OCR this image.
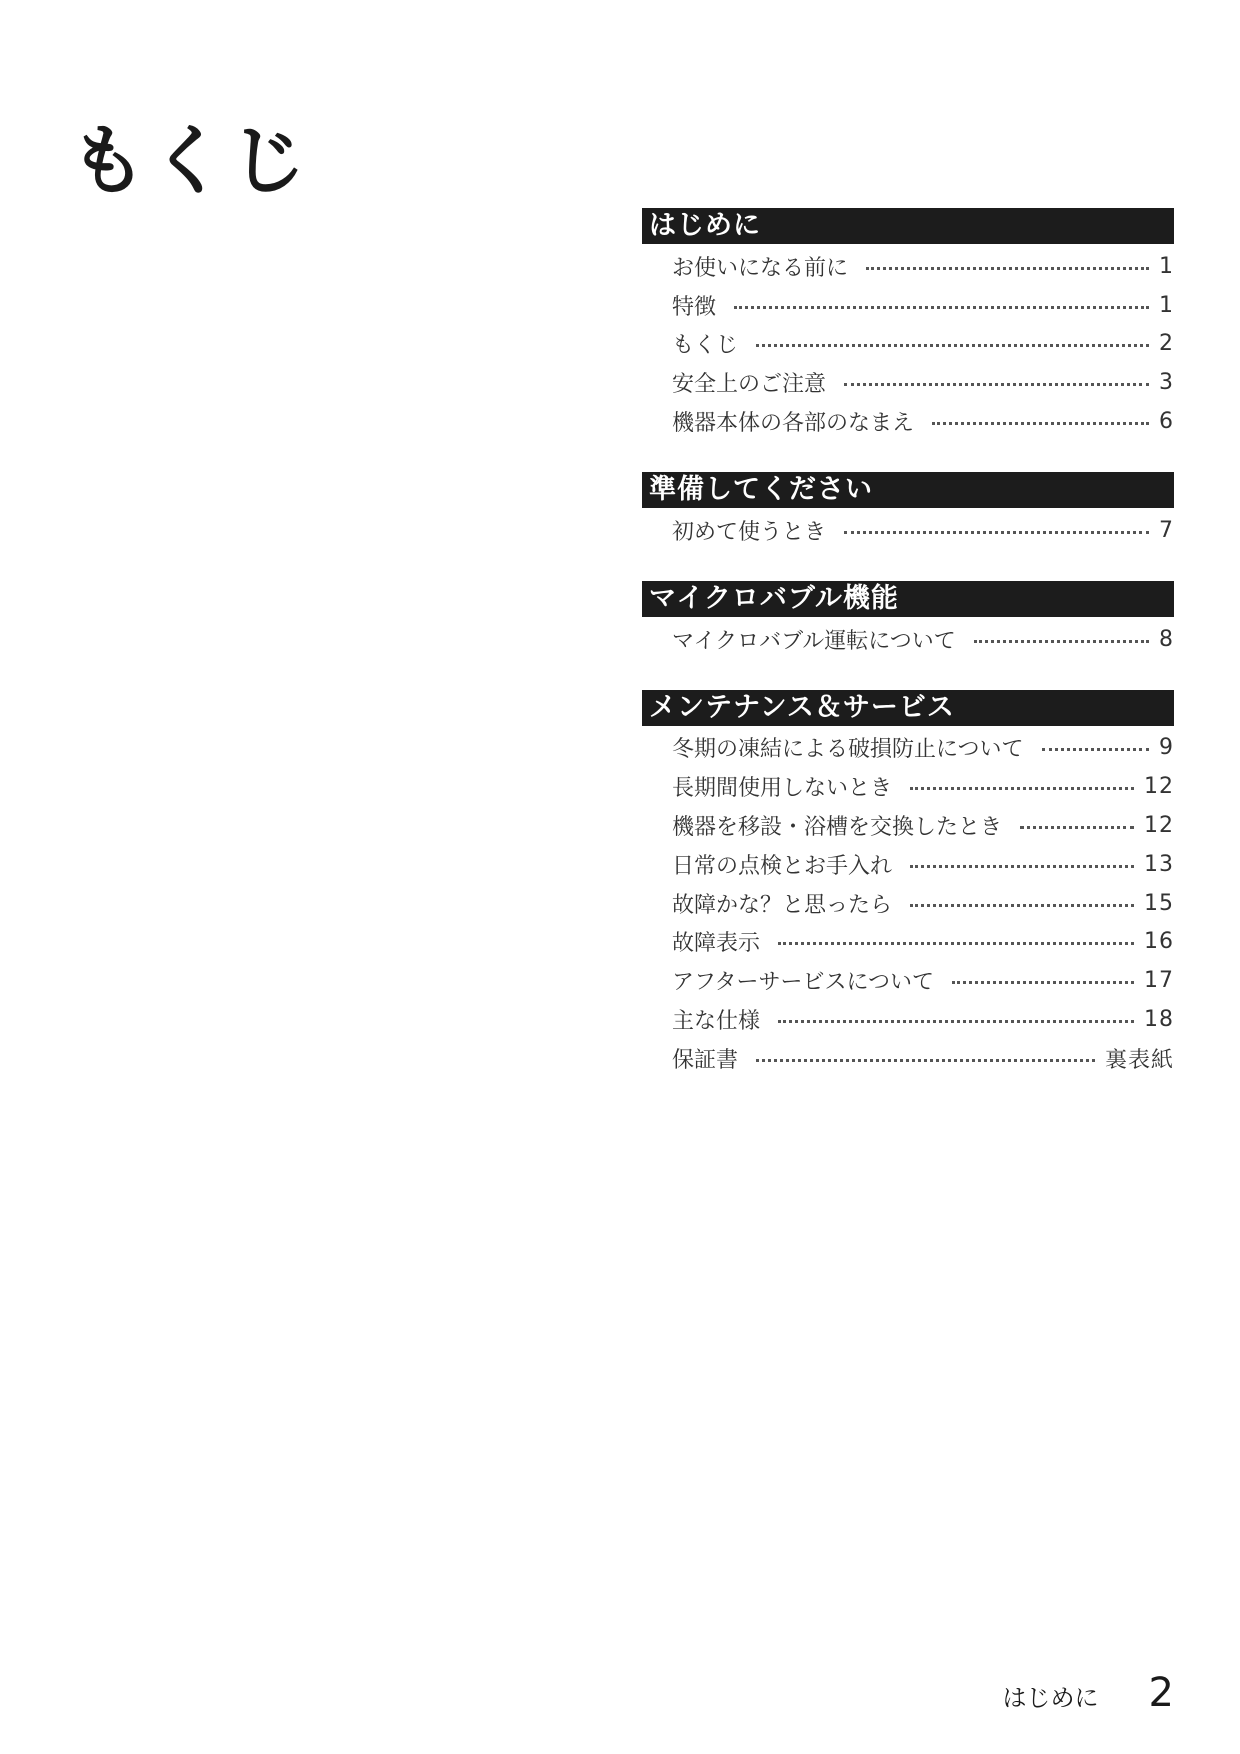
もくじ
はじめに
お使いになる前に	1
特徴	1
もくじ	2
安全上のご注意	3
機器本体の各部のなまえ	6
準備してください
初めて使うとき	7
マイクロバブル機能
マイクロバブル運転について	8
メンテナンス＆サービス
冬期の凍結による破損防止について	9
長期間使用しないとき	12
機器を移設・浴槽を交換したとき	12
日常の点検とお手入れ	13
故障かな？と思ったら	15
故障表示	16
アフターサービスについて	17
主な仕様	18
保証書	裏表紙
はじめに 2
